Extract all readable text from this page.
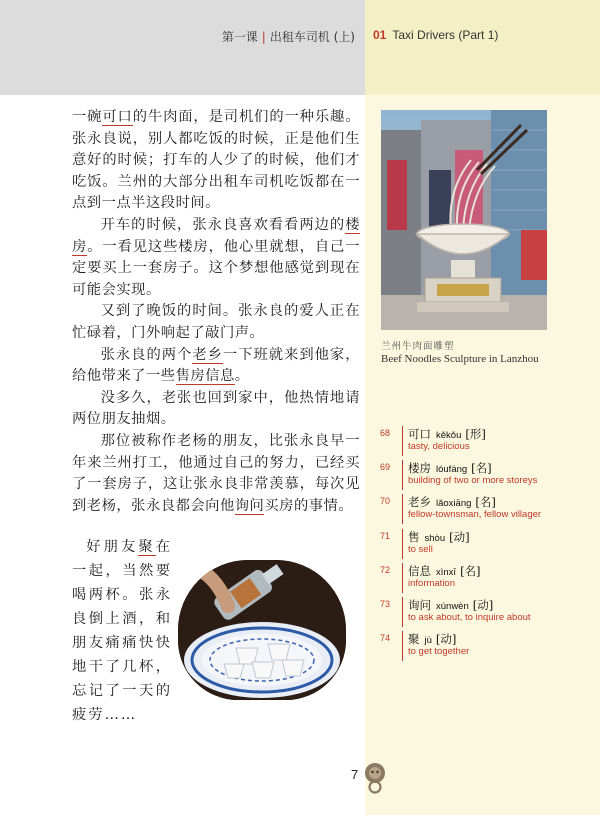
第一课 | 出租车司机 (上) 01 Taxi Drivers (Part 1)

一碗可口的牛肉面，是司机们的一种乐趣。张永良说，别人都吃饭的时候，正是他们生意好的时候；打车的人少了的时候，他们才吃饭。兰州的大部分出租车司机吃饭都在一点到一点半这段时间。

开车的时候，张永良喜欢看看两边的楼房。一看见这些楼房，他心里就想，自己一定要买上一套房子。这个梦想他感觉到现在可能会实现。

又到了晚饭的时间。张永良的爱人正在忙碌着，门外响起了敲门声。

张永良的两个老乡一下班就来到他家，给他带来了一些售房信息。

没多久，老张也回到家中，他热情地请两位朋友抽烟。

那位被称作老杨的朋友，比张永良早一年来兰州打工，他通过自己的努力，已经买了一套房子，这让张永良非常羡慕，每次见到老杨，张永良都会向他询问买房的事情。

好朋友聚在一起，当然要喝两杯。张永良倒上酒，和朋友痛痛快快地干了几杯，忘记了一天的疲劳……

兰州牛肉面雕塑
Beef Noodles Sculpture in Lanzhou
68	可口 kěkǒu [形]
tasty, delicious
69	楼房 lóufáng [名]
building of two or more storeys
70	老乡 lǎoxiāng [名]
fellow-townsman, fellow villager
71	售 shòu [动]
to sell
72	信息 xìnxī [名]
information
73	询问 xúnwèn [动]
to ask about, to inquire about
74	聚 jù [动]
to get together
7
